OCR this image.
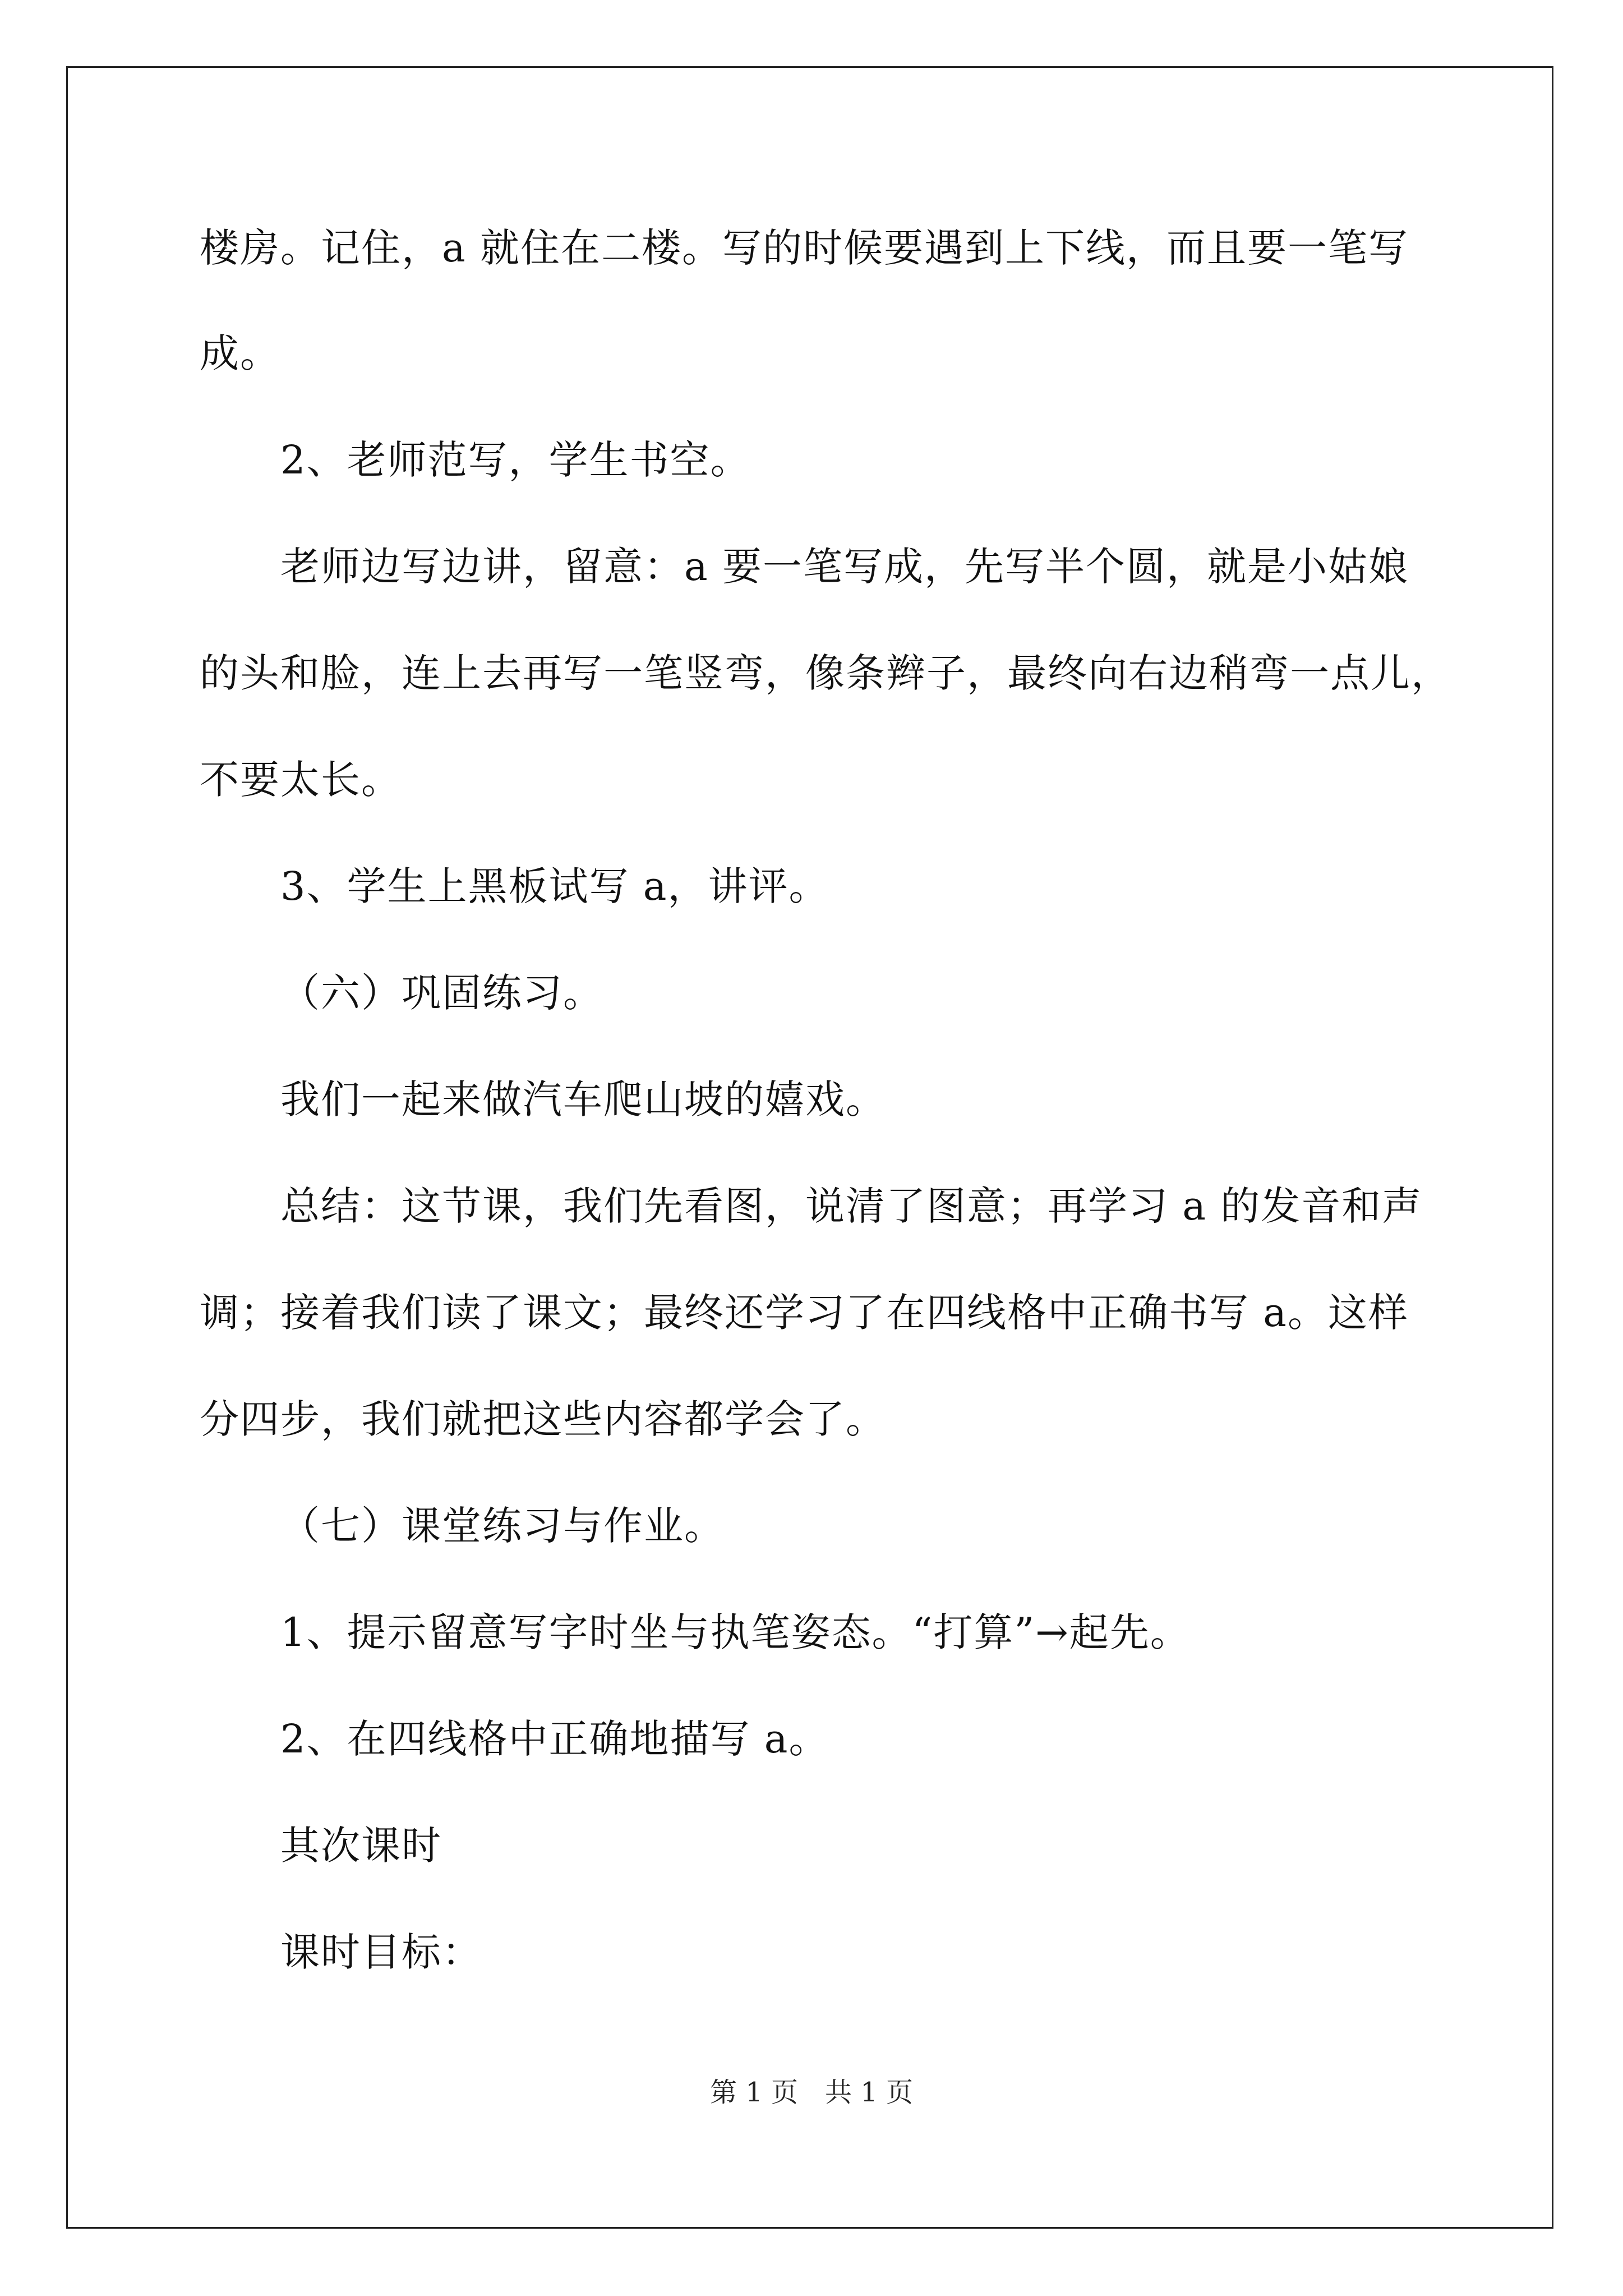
楼房。记住，a 就住在二楼。写的时候要遇到上下线，而且要一笔写
成。
2、老师范写，学生书空。
老师边写边讲，留意：a 要一笔写成，先写半个圆，就是小姑娘
的头和脸，连上去再写一笔竖弯，像条辫子，最终向右边稍弯一点儿，
不要太长。
3、学生上黑板试写 a，讲评。
（六）巩固练习。
我们一起来做汽车爬山坡的嬉戏。
总结：这节课，我们先看图，说清了图意；再学习 a 的发音和声
调；接着我们读了课文；最终还学习了在四线格中正确书写 a。这样
分四步，我们就把这些内容都学会了。
（七）课堂练习与作业。
1、提示留意写字时坐与执笔姿态。“打算”→起先。
2、在四线格中正确地描写 a。
其次课时
课时目标：
第 1 页　共 1 页
